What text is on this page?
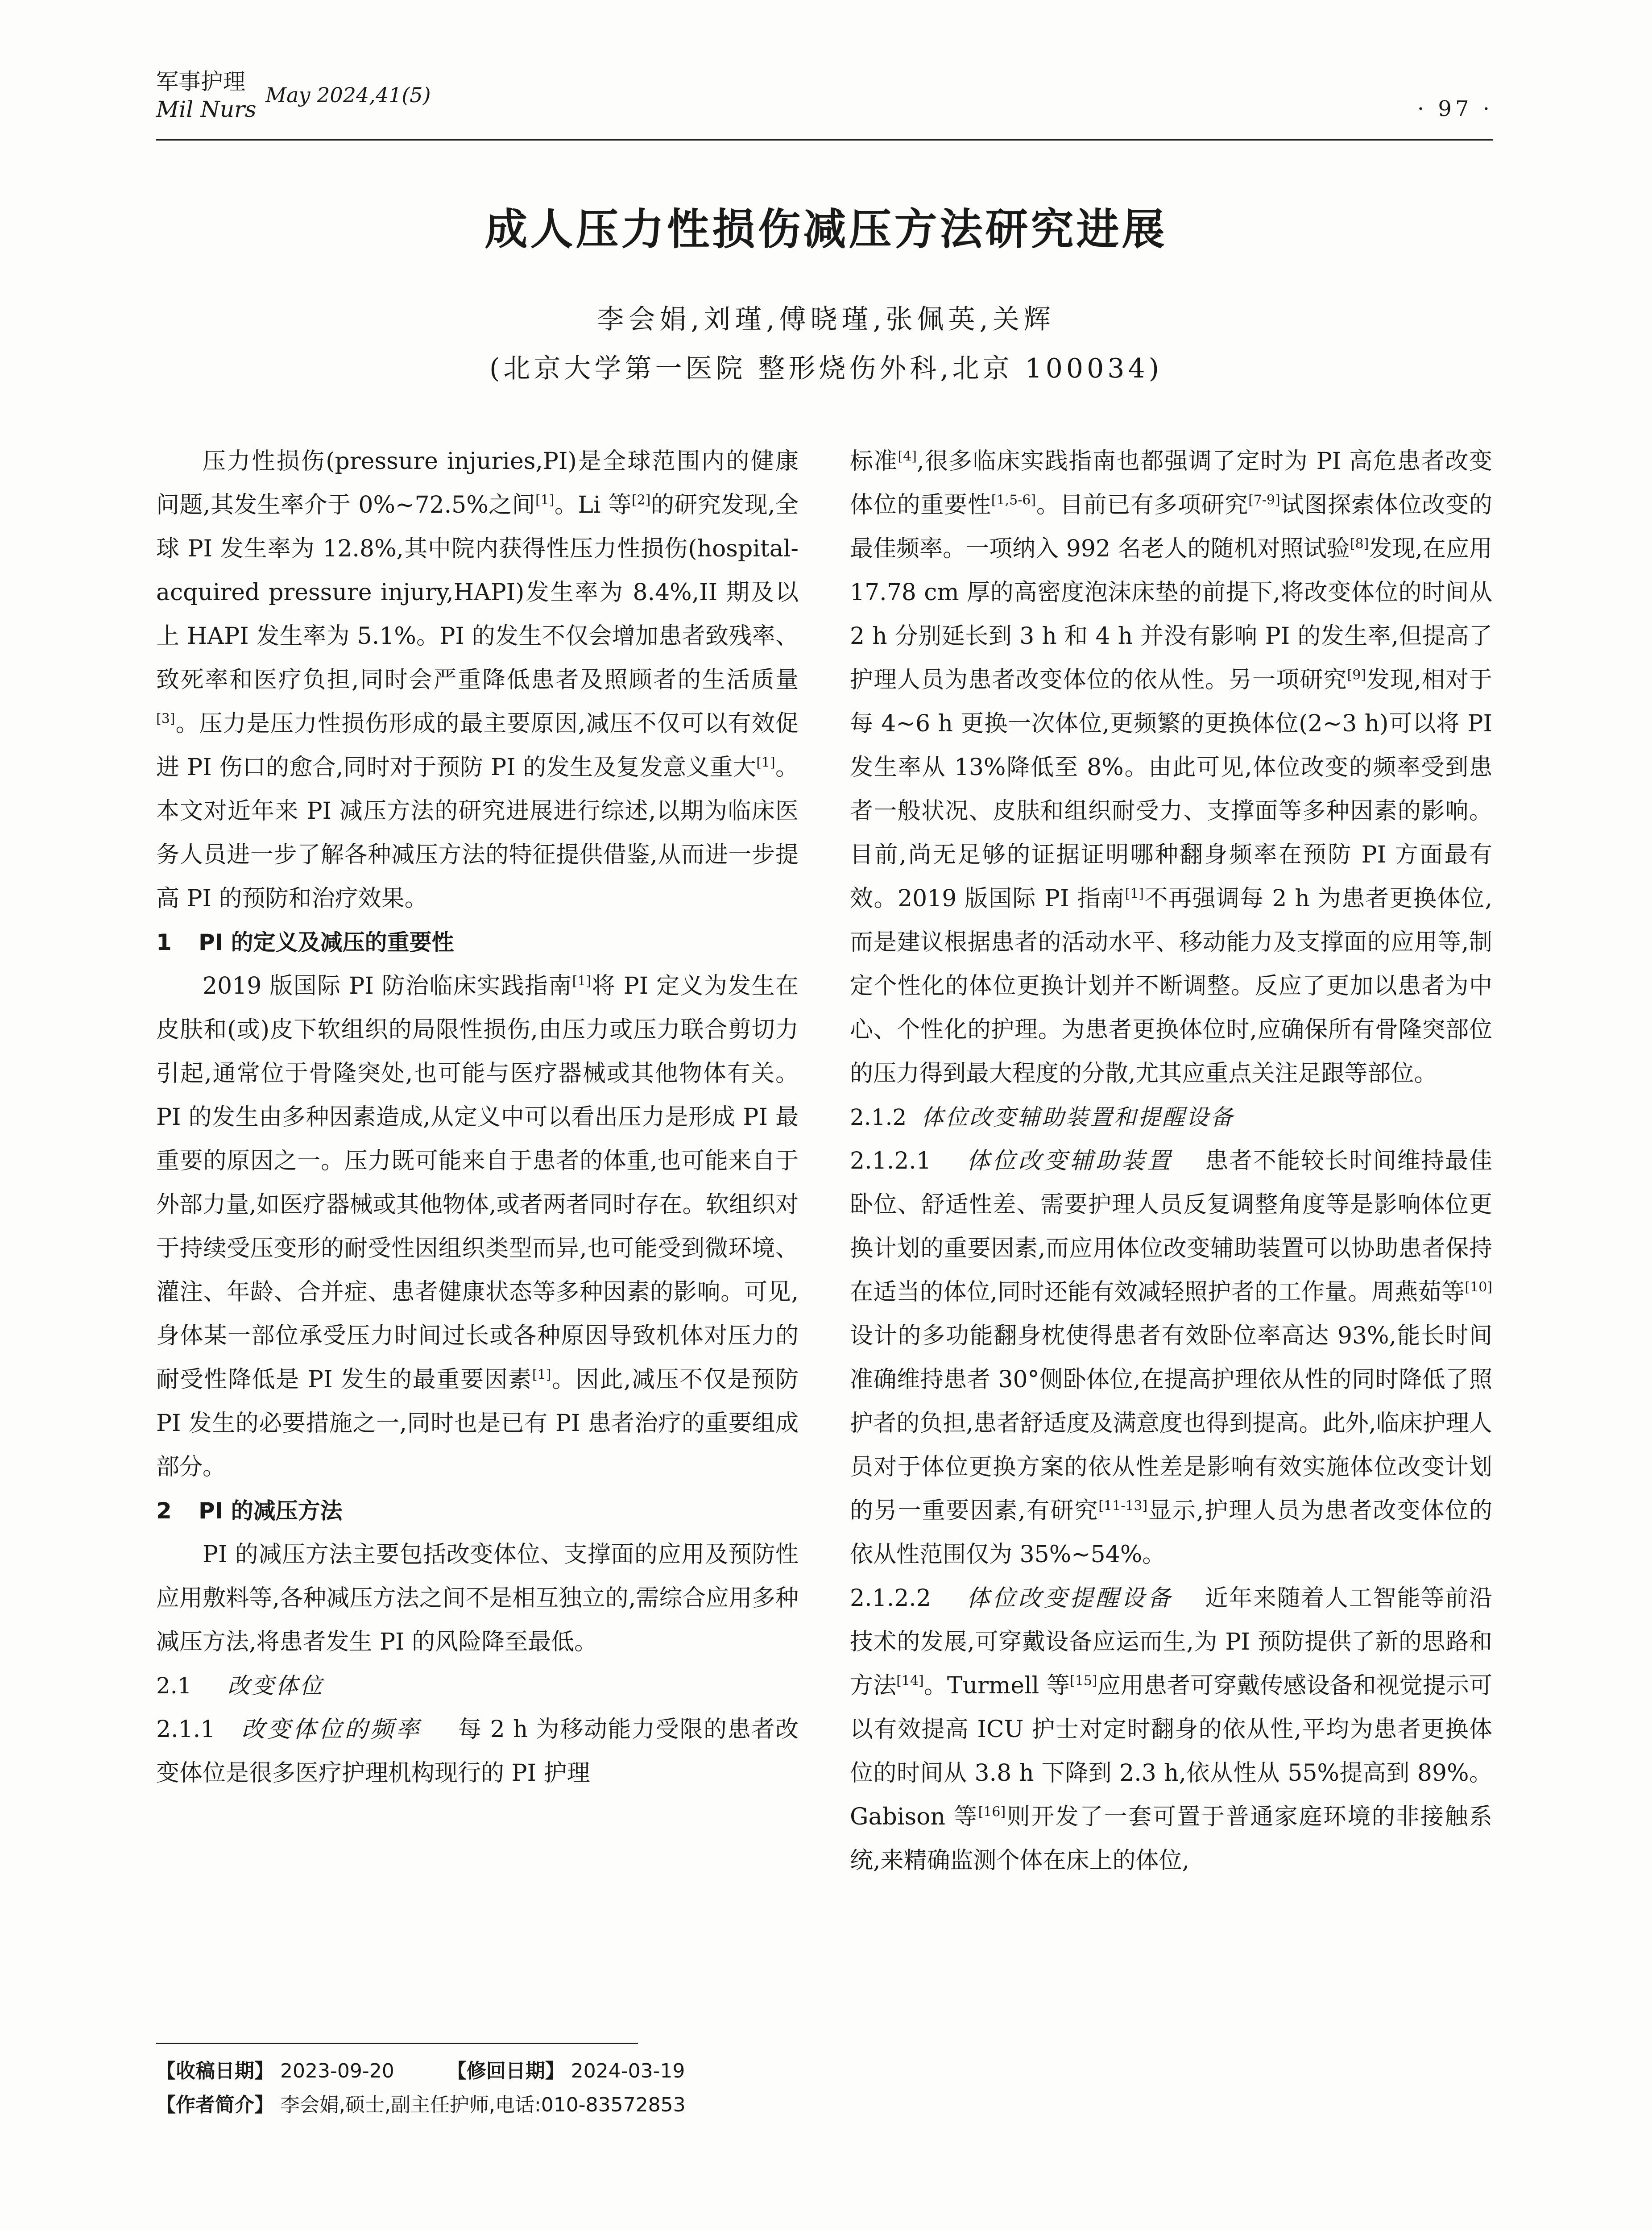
军事护理
Mil Nurs
May 2024,41(5)
· 97 ·
成人压力性损伤减压方法研究进展
李会娟,刘瑾,傅晓瑾,张佩英,关辉
(北京大学第一医院 整形烧伤外科,北京 100034)

压力性损伤(pressure injuries,PI)是全球范围内的健康问题,其发生率介于 0%~72.5%之间[1]。Li 等[2]的研究发现,全球 PI 发生率为 12.8%,其中院内获得性压力性损伤(hospital-acquired pressure injury,HAPI)发生率为 8.4%,II 期及以上 HAPI 发生率为 5.1%。PI 的发生不仅会增加患者致残率、致死率和医疗负担,同时会严重降低患者及照顾者的生活质量[3]。压力是压力性损伤形成的最主要原因,减压不仅可以有效促进 PI 伤口的愈合,同时对于预防 PI 的发生及复发意义重大[1]。本文对近年来 PI 减压方法的研究进展进行综述,以期为临床医务人员进一步了解各种减压方法的特征提供借鉴,从而进一步提高 PI 的预防和治疗效果。

1 PI 的定义及减压的重要性

2019 版国际 PI 防治临床实践指南[1]将 PI 定义为发生在皮肤和(或)皮下软组织的局限性损伤,由压力或压力联合剪切力引起,通常位于骨隆突处,也可能与医疗器械或其他物体有关。PI 的发生由多种因素造成,从定义中可以看出压力是形成 PI 最重要的原因之一。压力既可能来自于患者的体重,也可能来自于外部力量,如医疗器械或其他物体,或者两者同时存在。软组织对于持续受压变形的耐受性因组织类型而异,也可能受到微环境、灌注、年龄、合并症、患者健康状态等多种因素的影响。可见,身体某一部位承受压力时间过长或各种原因导致机体对压力的耐受性降低是 PI 发生的最重要因素[1]。因此,减压不仅是预防 PI 发生的必要措施之一,同时也是已有 PI 患者治疗的重要组成部分。

2 PI 的减压方法

PI 的减压方法主要包括改变体位、支撑面的应用及预防性应用敷料等,各种减压方法之间不是相互独立的,需综合应用多种减压方法,将患者发生 PI 的风险降至最低。

2.1 改变体位

2.1.1 改变体位的频率 每 2 h 为移动能力受限的患者改变体位是很多医疗护理机构现行的 PI 护理

标准[4],很多临床实践指南也都强调了定时为 PI 高危患者改变体位的重要性[1,5-6]。目前已有多项研究[7-9]试图探索体位改变的最佳频率。一项纳入 992 名老人的随机对照试验[8]发现,在应用17.78 cm 厚的高密度泡沫床垫的前提下,将改变体位的时间从 2 h 分别延长到 3 h 和 4 h 并没有影响 PI 的发生率,但提高了护理人员为患者改变体位的依从性。另一项研究[9]发现,相对于每 4~6 h 更换一次体位,更频繁的更换体位(2~3 h)可以将 PI 发生率从 13%降低至 8%。由此可见,体位改变的频率受到患者一般状况、皮肤和组织耐受力、支撑面等多种因素的影响。目前,尚无足够的证据证明哪种翻身频率在预防 PI 方面最有效。2019 版国际 PI 指南[1]不再强调每 2 h 为患者更换体位,而是建议根据患者的活动水平、移动能力及支撑面的应用等,制定个性化的体位更换计划并不断调整。反应了更加以患者为中心、个性化的护理。为患者更换体位时,应确保所有骨隆突部位的压力得到最大程度的分散,尤其应重点关注足跟等部位。

2.1.2 体位改变辅助装置和提醒设备

2.1.2.1 体位改变辅助装置 患者不能较长时间维持最佳卧位、舒适性差、需要护理人员反复调整角度等是影响体位更换计划的重要因素,而应用体位改变辅助装置可以协助患者保持在适当的体位,同时还能有效减轻照护者的工作量。周燕茹等[10]设计的多功能翻身枕使得患者有效卧位率高达 93%,能长时间准确维持患者 30°侧卧体位,在提高护理依从性的同时降低了照护者的负担,患者舒适度及满意度也得到提高。此外,临床护理人员对于体位更换方案的依从性差是影响有效实施体位改变计划的另一重要因素,有研究[11-13]显示,护理人员为患者改变体位的依从性范围仅为 35%~54%。

2.1.2.2 体位改变提醒设备 近年来随着人工智能等前沿技术的发展,可穿戴设备应运而生,为 PI 预防提供了新的思路和方法[14]。Turmell 等[15]应用患者可穿戴传感设备和视觉提示可以有效提高 ICU 护士对定时翻身的依从性,平均为患者更换体位的时间从 3.8 h 下降到 2.3 h,依从性从 55%提高到 89%。Gabison 等[16]则开发了一套可置于普通家庭环境的非接触系统,来精确监测个体在床上的体位,

【收稿日期】 2023-09-20	【修回日期】 2024-03-19
【作者简介】 李会娟,硕士,副主任护师,电话:010-83572853
